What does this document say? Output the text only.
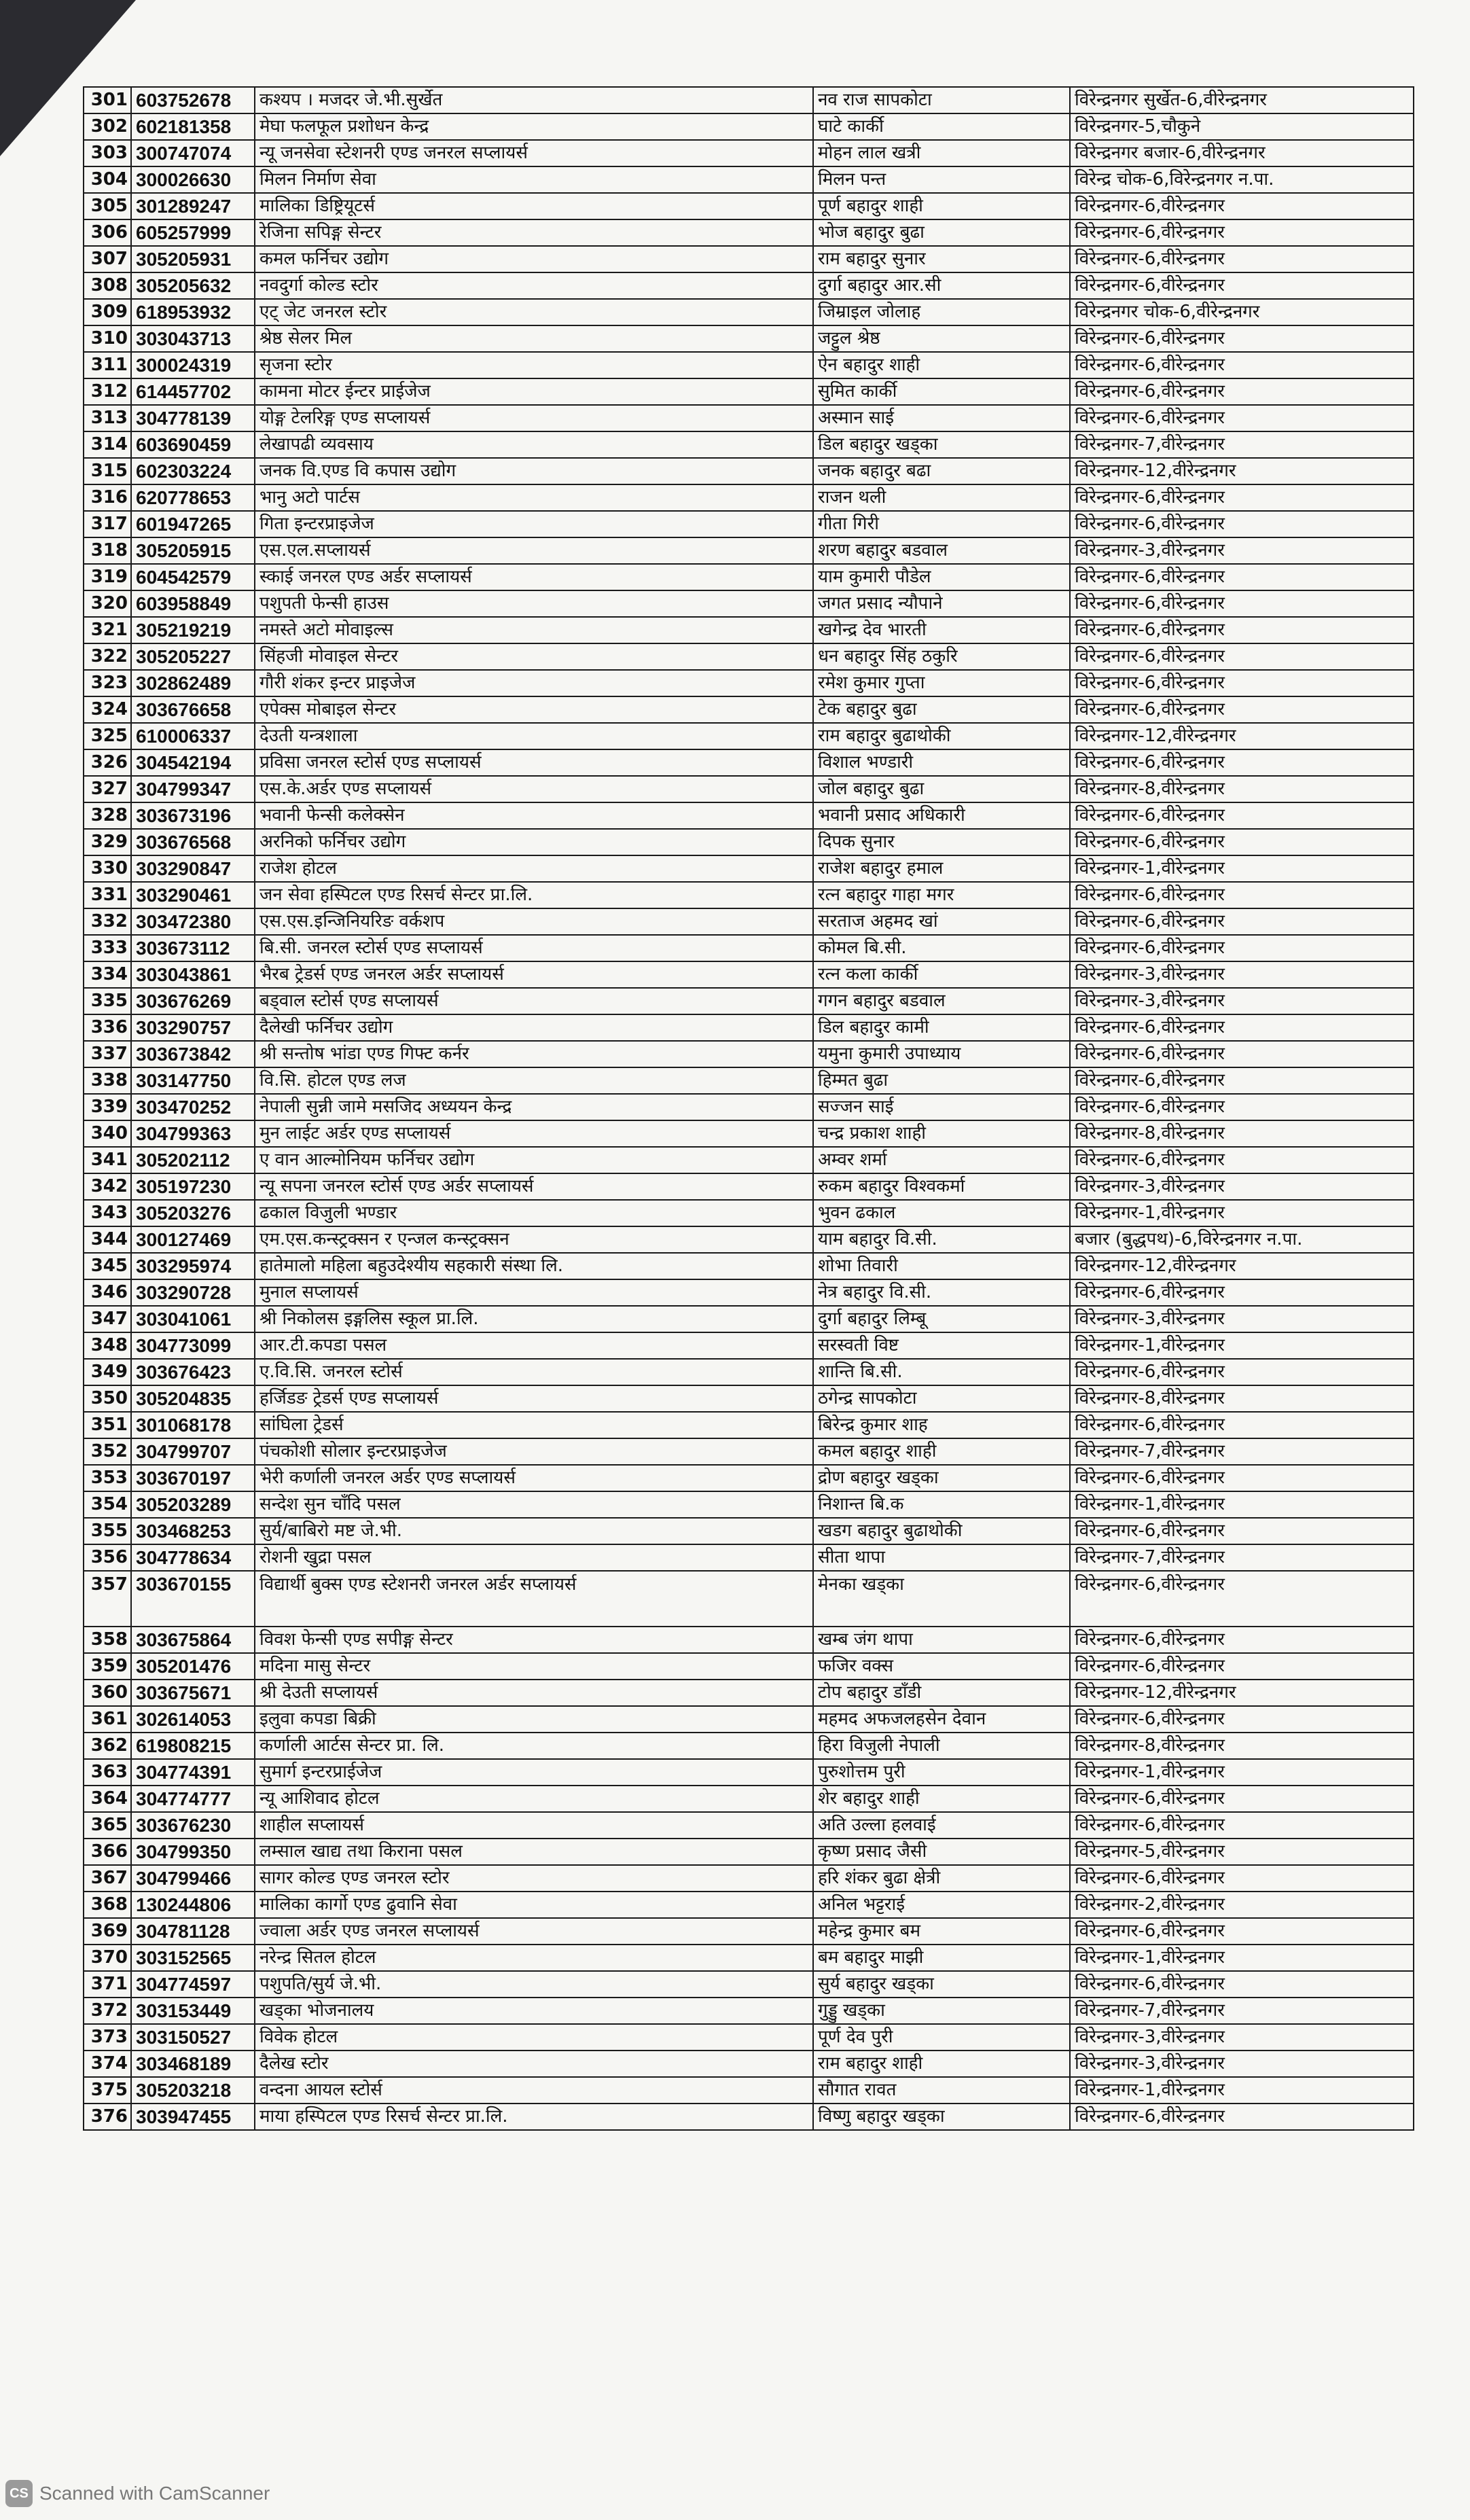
301	603752678	कश्यप । मजदर जे.भी.सुर्खेत	नव राज सापकोटा	विरेन्द्रनगर सुर्खेत-6,वीरेन्द्रनगर
302	602181358	मेघा फलफूल प्रशोधन केन्द्र	घाटे कार्की	विरेन्द्रनगर-5,चौकुने
303	300747074	न्यू जनसेवा स्टेशनरी एण्ड जनरल सप्लायर्स	मोहन लाल खत्री	विरेन्द्रनगर बजार-6,वीरेन्द्रनगर
304	300026630	मिलन निर्माण सेवा	मिलन पन्त	विरेन्द्र चोक-6,विरेन्द्रनगर न.पा.
305	301289247	मालिका डिष्ट्रियूटर्स	पूर्ण बहादुर शाही	विरेन्द्रनगर-6,वीरेन्द्रनगर
306	605257999	रेजिना सपिङ्ग सेन्टर	भोज बहादुर बुढा	विरेन्द्रनगर-6,वीरेन्द्रनगर
307	305205931	कमल फर्निचर उद्योग	राम बहादुर सुनार	विरेन्द्रनगर-6,वीरेन्द्रनगर
308	305205632	नवदुर्गा कोल्ड स्टोर	दुर्गा बहादुर आर.सी	विरेन्द्रनगर-6,वीरेन्द्रनगर
309	618953932	एट् जेट जनरल स्टोर	जिम्राइल जोलाह	विरेन्द्रनगर चोक-6,वीरेन्द्रनगर
310	303043713	श्रेष्ठ सेलर मिल	जट्टुल श्रेष्ठ	विरेन्द्रनगर-6,वीरेन्द्रनगर
311	300024319	सृजना स्टोर	ऐन बहादुर शाही	विरेन्द्रनगर-6,वीरेन्द्रनगर
312	614457702	कामना मोटर ईन्टर प्राईजेज	सुमित कार्की	विरेन्द्रनगर-6,वीरेन्द्रनगर
313	304778139	योङ्ग टेलरिङ्ग एण्ड सप्लायर्स	अस्मान साई	विरेन्द्रनगर-6,वीरेन्द्रनगर
314	603690459	लेखापढी व्यवसाय	डिल बहादुर खड्का	विरेन्द्रनगर-7,वीरेन्द्रनगर
315	602303224	जनक वि.एण्ड वि कपास उद्योग	जनक बहादुर बढा	विरेन्द्रनगर-12,वीरेन्द्रनगर
316	620778653	भानु अटो पार्टस	राजन थली	विरेन्द्रनगर-6,वीरेन्द्रनगर
317	601947265	गिता इन्टरप्राइजेज	गीता गिरी	विरेन्द्रनगर-6,वीरेन्द्रनगर
318	305205915	एस.एल.सप्लायर्स	शरण बहादुर बडवाल	विरेन्द्रनगर-3,वीरेन्द्रनगर
319	604542579	स्काई जनरल एण्ड अर्डर सप्लायर्स	याम कुमारी पौडेल	विरेन्द्रनगर-6,वीरेन्द्रनगर
320	603958849	पशुपती फेन्सी हाउस	जगत प्रसाद न्यौपाने	विरेन्द्रनगर-6,वीरेन्द्रनगर
321	305219219	नमस्ते अटो मोवाइल्स	खगेन्द्र देव भारती	विरेन्द्रनगर-6,वीरेन्द्रनगर
322	305205227	सिंहजी मोवाइल सेन्टर	धन बहादुर सिंह ठकुरि	विरेन्द्रनगर-6,वीरेन्द्रनगर
323	302862489	गौरी शंकर इन्टर प्राइजेज	रमेश कुमार गुप्ता	विरेन्द्रनगर-6,वीरेन्द्रनगर
324	303676658	एपेक्स मोबाइल सेन्टर	टेक बहादुर बुढा	विरेन्द्रनगर-6,वीरेन्द्रनगर
325	610006337	देउती यन्त्रशाला	राम बहादुर बुढाथोकी	विरेन्द्रनगर-12,वीरेन्द्रनगर
326	304542194	प्रविसा जनरल स्टोर्स एण्ड सप्लायर्स	विशाल भण्डारी	विरेन्द्रनगर-6,वीरेन्द्रनगर
327	304799347	एस.के.अर्डर एण्ड सप्लायर्स	जोल बहादुर बुढा	विरेन्द्रनगर-8,वीरेन्द्रनगर
328	303673196	भवानी फेन्सी कलेक्सेन	भवानी प्रसाद अधिकारी	विरेन्द्रनगर-6,वीरेन्द्रनगर
329	303676568	अरनिको फर्निचर उद्योग	दिपक सुनार	विरेन्द्रनगर-6,वीरेन्द्रनगर
330	303290847	राजेश होटल	राजेश बहादुर हमाल	विरेन्द्रनगर-1,वीरेन्द्रनगर
331	303290461	जन सेवा हस्पिटल एण्ड रिसर्च सेन्टर प्रा.लि.	रत्न बहादुर गाहा मगर	विरेन्द्रनगर-6,वीरेन्द्रनगर
332	303472380	एस.एस.इन्जिनियरिङ वर्कशप	सरताज अहमद खां	विरेन्द्रनगर-6,वीरेन्द्रनगर
333	303673112	बि.सी. जनरल स्टोर्स एण्ड सप्लायर्स	कोमल बि.सी.	विरेन्द्रनगर-6,वीरेन्द्रनगर
334	303043861	भैरब ट्रेडर्स एण्ड जनरल अर्डर सप्लायर्स	रत्न कला कार्की	विरेन्द्रनगर-3,वीरेन्द्रनगर
335	303676269	बड्वाल स्टोर्स एण्ड सप्लायर्स	गगन बहादुर बडवाल	विरेन्द्रनगर-3,वीरेन्द्रनगर
336	303290757	दैलेखी फर्निचर उद्योग	डिल बहादुर कामी	विरेन्द्रनगर-6,वीरेन्द्रनगर
337	303673842	श्री सन्तोष भांडा एण्ड गिफ्ट कर्नर	यमुना कुमारी उपाध्याय	विरेन्द्रनगर-6,वीरेन्द्रनगर
338	303147750	वि.सि. होटल एण्ड लज	हिम्मत बुढा	विरेन्द्रनगर-6,वीरेन्द्रनगर
339	303470252	नेपाली सुन्नी जामे मसजिद अध्ययन केन्द्र	सज्जन साई	विरेन्द्रनगर-6,वीरेन्द्रनगर
340	304799363	मुन लाईट अर्डर एण्ड सप्लायर्स	चन्द्र प्रकाश शाही	विरेन्द्रनगर-8,वीरेन्द्रनगर
341	305202112	ए वान आल्मोनियम फर्निचर उद्योग	अम्वर शर्मा	विरेन्द्रनगर-6,वीरेन्द्रनगर
342	305197230	न्यू सपना जनरल स्टोर्स एण्ड अर्डर सप्लायर्स	रुकम बहादुर विश्वकर्मा	विरेन्द्रनगर-3,वीरेन्द्रनगर
343	305203276	ढकाल विजुली भण्डार	भुवन ढकाल	विरेन्द्रनगर-1,वीरेन्द्रनगर
344	300127469	एम.एस.कन्स्ट्रक्सन र एन्जल कन्स्ट्रक्सन	याम बहादुर वि.सी.	बजार (बुद्धपथ)-6,विरेन्द्रनगर न.पा.
345	303295974	हातेमालो महिला बहुउदेश्यीय सहकारी संस्था लि.	शोभा तिवारी	विरेन्द्रनगर-12,वीरेन्द्रनगर
346	303290728	मुनाल सप्लायर्स	नेत्र बहादुर वि.सी.	विरेन्द्रनगर-6,वीरेन्द्रनगर
347	303041061	श्री निकोलस इङ्गलिस स्कूल प्रा.लि.	दुर्गा बहादुर लिम्बू	विरेन्द्रनगर-3,वीरेन्द्रनगर
348	304773099	आर.टी.कपडा पसल	सरस्वती विष्ट	विरेन्द्रनगर-1,वीरेन्द्रनगर
349	303676423	ए.वि.सि. जनरल स्टोर्स	शान्ति बि.सी.	विरेन्द्रनगर-6,वीरेन्द्रनगर
350	305204835	हर्जिडङ ट्रेडर्स एण्ड सप्लायर्स	ठगेन्द्र सापकोटा	विरेन्द्रनगर-8,वीरेन्द्रनगर
351	301068178	सांघिला ट्रेडर्स	बिरेन्द्र कुमार शाह	विरेन्द्रनगर-6,वीरेन्द्रनगर
352	304799707	पंचकोशी सोलार इन्टरप्राइजेज	कमल बहादुर शाही	विरेन्द्रनगर-7,वीरेन्द्रनगर
353	303670197	भेरी कर्णाली जनरल अर्डर एण्ड सप्लायर्स	द्रोण बहादुर खड्का	विरेन्द्रनगर-6,वीरेन्द्रनगर
354	305203289	सन्देश सुन चाँदि पसल	निशान्त बि.क	विरेन्द्रनगर-1,वीरेन्द्रनगर
355	303468253	सुर्य/बाबिरो मष्ट जे.भी.	खडग बहादुर बुढाथोकी	विरेन्द्रनगर-6,वीरेन्द्रनगर
356	304778634	रोशनी खुद्रा पसल	सीता थापा	विरेन्द्रनगर-7,वीरेन्द्रनगर
357	303670155	विद्यार्थी बुक्स एण्ड स्टेशनरी जनरल अर्डर सप्लायर्स	मेनका खड्का	विरेन्द्रनगर-6,वीरेन्द्रनगर
358	303675864	विवश फेन्सी एण्ड सपीङ्ग सेन्टर	खम्ब जंग थापा	विरेन्द्रनगर-6,वीरेन्द्रनगर
359	305201476	मदिना मासु सेन्टर	फजिर वक्स	विरेन्द्रनगर-6,वीरेन्द्रनगर
360	303675671	श्री देउती सप्लायर्स	टोप बहादुर डाँडी	विरेन्द्रनगर-12,वीरेन्द्रनगर
361	302614053	इलुवा कपडा बिक्री	महमद अफजलहसेन देवान	विरेन्द्रनगर-6,वीरेन्द्रनगर
362	619808215	कर्णाली आर्टस सेन्टर प्रा. लि.	हिरा विजुली नेपाली	विरेन्द्रनगर-8,वीरेन्द्रनगर
363	304774391	सुमार्ग इन्टरप्राईजेज	पुरुशोत्तम पुरी	विरेन्द्रनगर-1,वीरेन्द्रनगर
364	304774777	न्यू आशिवाद होटल	शेर बहादुर शाही	विरेन्द्रनगर-6,वीरेन्द्रनगर
365	303676230	शाहील सप्लायर्स	अति उल्ला हलवाई	विरेन्द्रनगर-6,वीरेन्द्रनगर
366	304799350	लम्साल खाद्य तथा किराना पसल	कृष्ण प्रसाद जैसी	विरेन्द्रनगर-5,वीरेन्द्रनगर
367	304799466	सागर कोल्ड एण्ड जनरल स्टोर	हरि शंकर बुढा क्षेत्री	विरेन्द्रनगर-6,वीरेन्द्रनगर
368	130244806	मालिका कार्गो एण्ड ढुवानि सेवा	अनिल भट्टराई	विरेन्द्रनगर-2,वीरेन्द्रनगर
369	304781128	ज्वाला अर्डर एण्ड जनरल सप्लायर्स	महेन्द्र कुमार बम	विरेन्द्रनगर-6,वीरेन्द्रनगर
370	303152565	नरेन्द्र सितल होटल	बम बहादुर माझी	विरेन्द्रनगर-1,वीरेन्द्रनगर
371	304774597	पशुपति/सुर्य जे.भी.	सुर्य बहादुर खड्का	विरेन्द्रनगर-6,वीरेन्द्रनगर
372	303153449	खड्का भोजनालय	गुड्डु खड्का	विरेन्द्रनगर-7,वीरेन्द्रनगर
373	303150527	विवेक होटल	पूर्ण देव पुरी	विरेन्द्रनगर-3,वीरेन्द्रनगर
374	303468189	दैलेख स्टोर	राम बहादुर शाही	विरेन्द्रनगर-3,वीरेन्द्रनगर
375	305203218	वन्दना आयल स्टोर्स	सौगात रावत	विरेन्द्रनगर-1,वीरेन्द्रनगर
376	303947455	माया हस्पिटल एण्ड रिसर्च सेन्टर प्रा.लि.	विष्णु बहादुर खड्का	विरेन्द्रनगर-6,वीरेन्द्रनगर
CS Scanned with CamScanner
